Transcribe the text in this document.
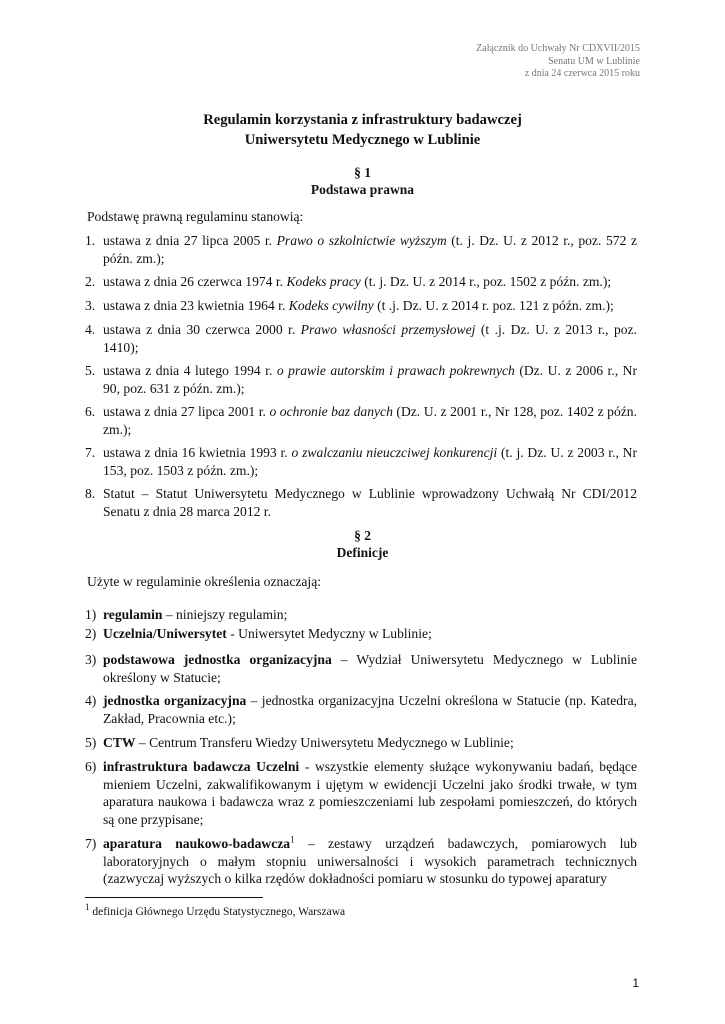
Załącznik do Uchwały Nr CDXVII/2015
Senatu UM w Lublinie
z dnia 24 czerwca 2015 roku
Regulamin korzystania z infrastruktury badawczej
Uniwersytetu Medycznego w Lublinie
§ 1
Podstawa prawna
Podstawę prawną regulaminu stanowią:
1. ustawa z dnia 27 lipca 2005 r. Prawo o szkolnictwie wyższym (t. j. Dz. U. z 2012 r., poz. 572 z późn. zm.);
2. ustawa z dnia 26 czerwca 1974 r. Kodeks pracy (t. j. Dz. U. z 2014 r., poz. 1502 z późn. zm.);
3. ustawa z dnia 23 kwietnia 1964 r. Kodeks cywilny (t .j. Dz. U. z 2014 r. poz. 121 z późn. zm.);
4. ustawa z dnia 30 czerwca 2000 r. Prawo własności przemysłowej (t .j. Dz. U. z 2013 r., poz. 1410);
5. ustawa z dnia 4 lutego 1994 r. o prawie autorskim i prawach pokrewnych (Dz. U. z 2006 r., Nr 90, poz. 631 z późn. zm.);
6. ustawa z dnia 27 lipca 2001 r. o ochronie baz danych (Dz. U. z 2001 r., Nr 128, poz. 1402 z późn. zm.);
7. ustawa z dnia 16 kwietnia 1993 r. o zwalczaniu nieuczciwej konkurencji (t. j. Dz. U. z 2003 r., Nr 153, poz. 1503 z późn. zm.);
8. Statut – Statut Uniwersytetu Medycznego w Lublinie wprowadzony Uchwałą Nr CDI/2012 Senatu z dnia 28 marca 2012 r.
§ 2
Definicje
Użyte w regulaminie określenia oznaczają:
1) regulamin – niniejszy regulamin;
2) Uczelnia/Uniwersytet - Uniwersytet Medyczny w Lublinie;
3) podstawowa jednostka organizacyjna – Wydział Uniwersytetu Medycznego w Lublinie określony w Statucie;
4) jednostka organizacyjna – jednostka organizacyjna Uczelni określona w Statucie (np. Katedra, Zakład, Pracownia etc.);
5) CTW – Centrum Transferu Wiedzy Uniwersytetu Medycznego w Lublinie;
6) infrastruktura badawcza Uczelni - wszystkie elementy służące wykonywaniu badań, będące mieniem Uczelni, zakwalifikowanym i ujętym w ewidencji Uczelni jako środki trwałe, w tym aparatura naukowa i badawcza wraz z pomieszczeniami lub zespołami pomieszczeń, do których są one przypisane;
7) aparatura naukowo-badawcza$^1$ – zestawy urządzeń badawczych, pomiarowych lub laboratoryjnych o małym stopniu uniwersalności i wysokich parametrach technicznych (zazwyczaj wyższych o kilka rzędów dokładności pomiaru w stosunku do typowej aparatury
$^1$ definicja Głównego Urzędu Statystycznego, Warszawa
1
